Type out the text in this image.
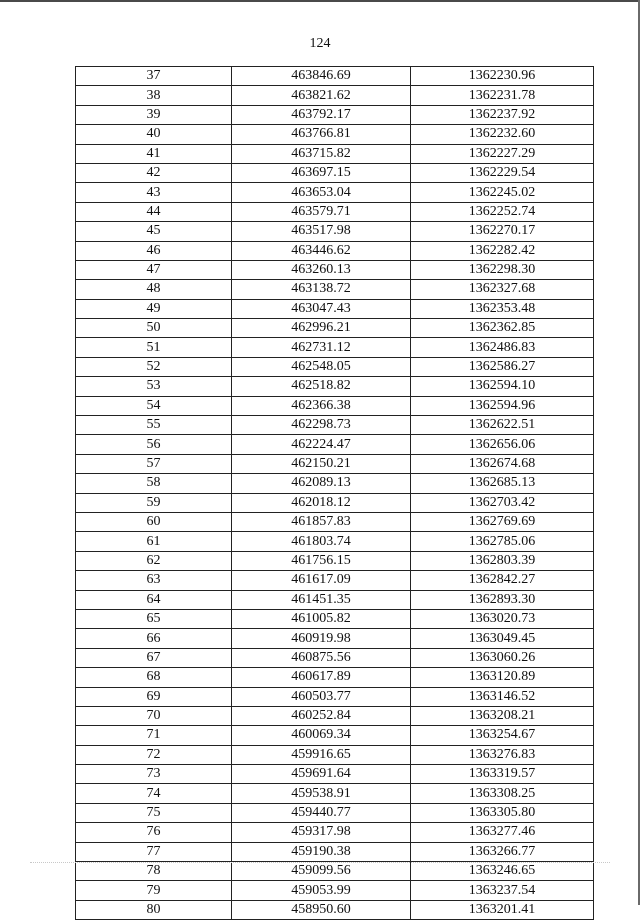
124
37	463846.69	1362230.96
38	463821.62	1362231.78
39	463792.17	1362237.92
40	463766.81	1362232.60
41	463715.82	1362227.29
42	463697.15	1362229.54
43	463653.04	1362245.02
44	463579.71	1362252.74
45	463517.98	1362270.17
46	463446.62	1362282.42
47	463260.13	1362298.30
48	463138.72	1362327.68
49	463047.43	1362353.48
50	462996.21	1362362.85
51	462731.12	1362486.83
52	462548.05	1362586.27
53	462518.82	1362594.10
54	462366.38	1362594.96
55	462298.73	1362622.51
56	462224.47	1362656.06
57	462150.21	1362674.68
58	462089.13	1362685.13
59	462018.12	1362703.42
60	461857.83	1362769.69
61	461803.74	1362785.06
62	461756.15	1362803.39
63	461617.09	1362842.27
64	461451.35	1362893.30
65	461005.82	1363020.73
66	460919.98	1363049.45
67	460875.56	1363060.26
68	460617.89	1363120.89
69	460503.77	1363146.52
70	460252.84	1363208.21
71	460069.34	1363254.67
72	459916.65	1363276.83
73	459691.64	1363319.57
74	459538.91	1363308.25
75	459440.77	1363305.80
76	459317.98	1363277.46
77	459190.38	1363266.77
78	459099.56	1363246.65
79	459053.99	1363237.54
80	458950.60	1363201.41
